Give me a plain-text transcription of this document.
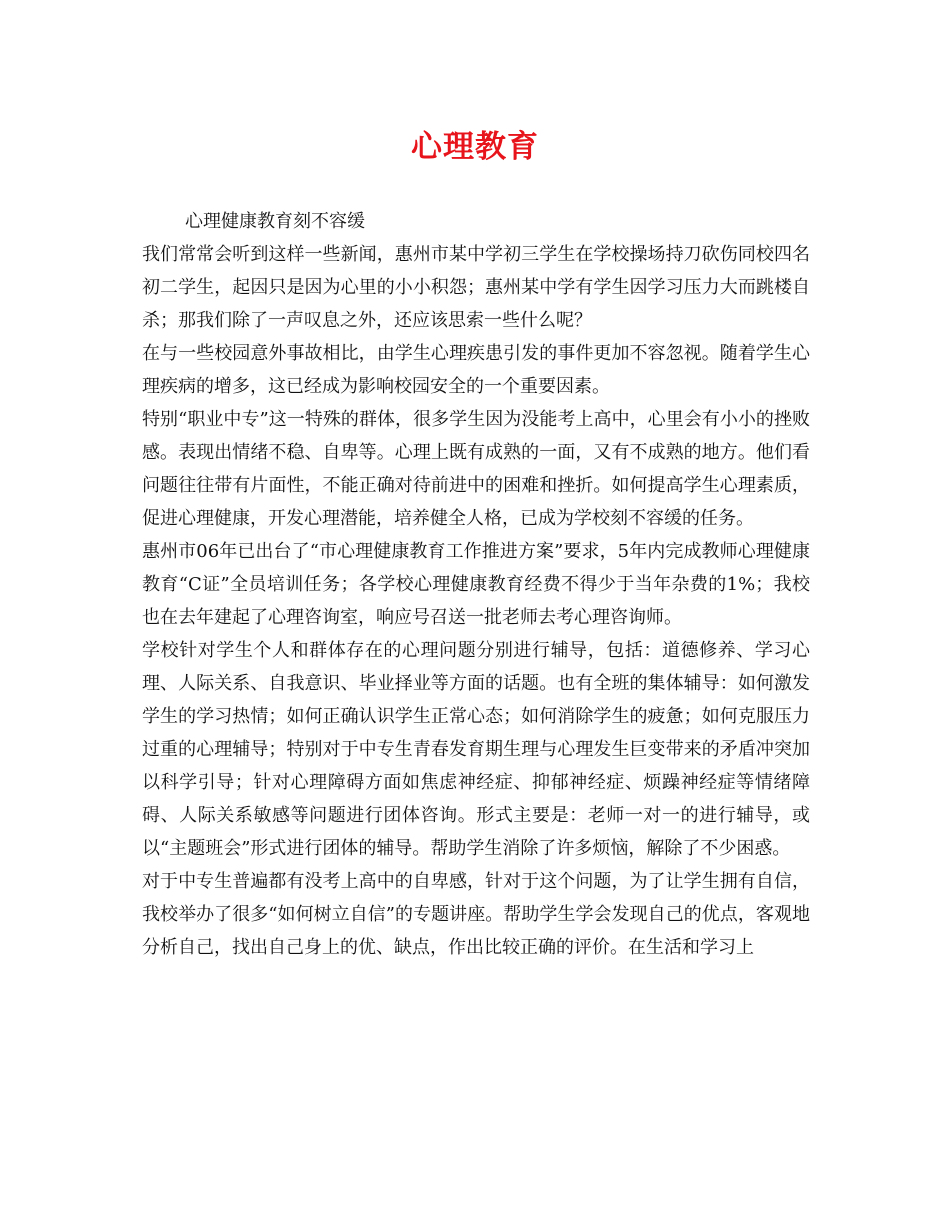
心理教育

心理健康教育刻不容缓

我们常常会听到这样一些新闻，惠州市某中学初三学生在学校操场持刀砍伤同校四名初二学生，起因只是因为心里的小小积怨；惠州某中学有学生因学习压力大而跳楼自杀；那我们除了一声叹息之外，还应该思索一些什么呢？

在与一些校园意外事故相比，由学生心理疾患引发的事件更加不容忽视。随着学生心理疾病的增多，这已经成为影响校园安全的一个重要因素。

特别“职业中专”这一特殊的群体，很多学生因为没能考上高中，心里会有小小的挫败感。表现出情绪不稳、自卑等。心理上既有成熟的一面，又有不成熟的地方。他们看问题往往带有片面性，不能正确对待前进中的困难和挫折。如何提高学生心理素质，促进心理健康，开发心理潜能，培养健全人格，已成为学校刻不容缓的任务。

惠州市06年已出台了“市心理健康教育工作推进方案”要求，5年内完成教师心理健康教育“C证”全员培训任务；各学校心理健康教育经费不得少于当年杂费的1%；我校也在去年建起了心理咨询室，响应号召送一批老师去考心理咨询师。

学校针对学生个人和群体存在的心理问题分别进行辅导，包括：道德修养、学习心理、人际关系、自我意识、毕业择业等方面的话题。也有全班的集体辅导：如何激发学生的学习热情；如何正确认识学生正常心态；如何消除学生的疲惫；如何克服压力过重的心理辅导；特别对于中专生青春发育期生理与心理发生巨变带来的矛盾冲突加以科学引导；针对心理障碍方面如焦虑神经症、抑郁神经症、烦躁神经症等情绪障碍、人际关系敏感等问题进行团体咨询。形式主要是：老师一对一的进行辅导，或以“主题班会”形式进行团体的辅导。帮助学生消除了许多烦恼，解除了不少困惑。

对于中专生普遍都有没考上高中的自卑感，针对于这个问题，为了让学生拥有自信，我校举办了很多“如何树立自信”的专题讲座。帮助学生学会发现自己的优点，客观地分析自己，找出自己身上的优、缺点，作出比较正确的评价。在生活和学习上
